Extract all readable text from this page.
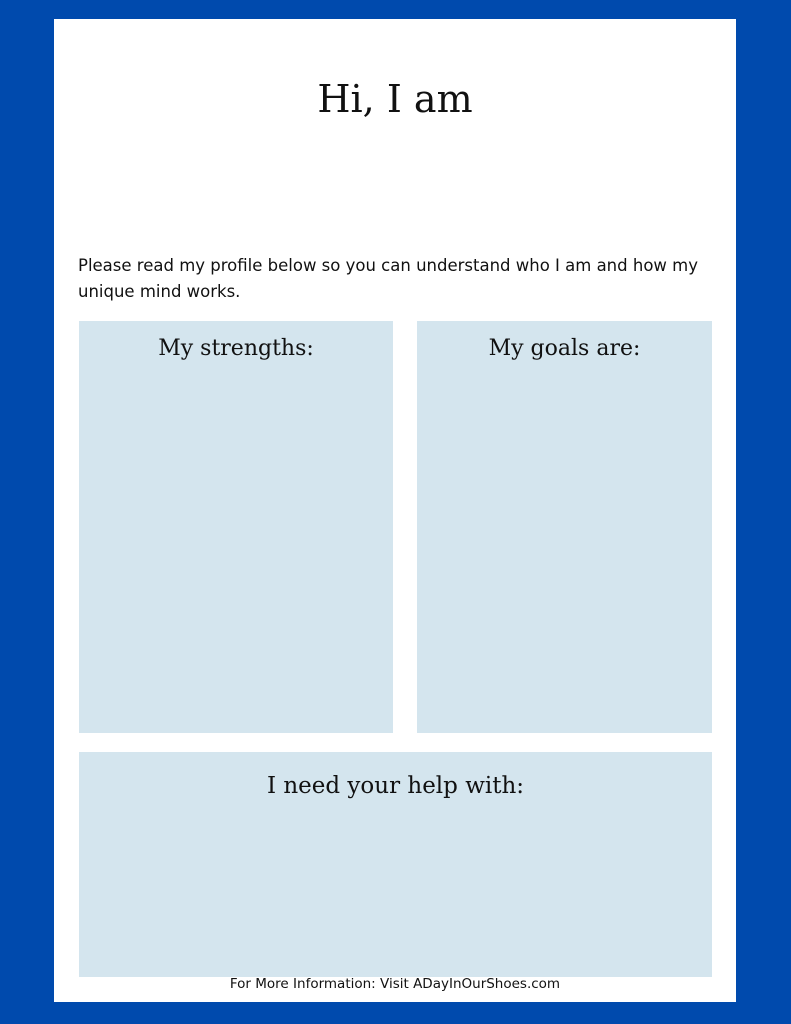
Hi, I am

Please read my profile below so you can understand who I am and how my unique mind works.

My strengths:	My goals are:
I need your help with:

For More Information: Visit ADayInOurShoes.com
